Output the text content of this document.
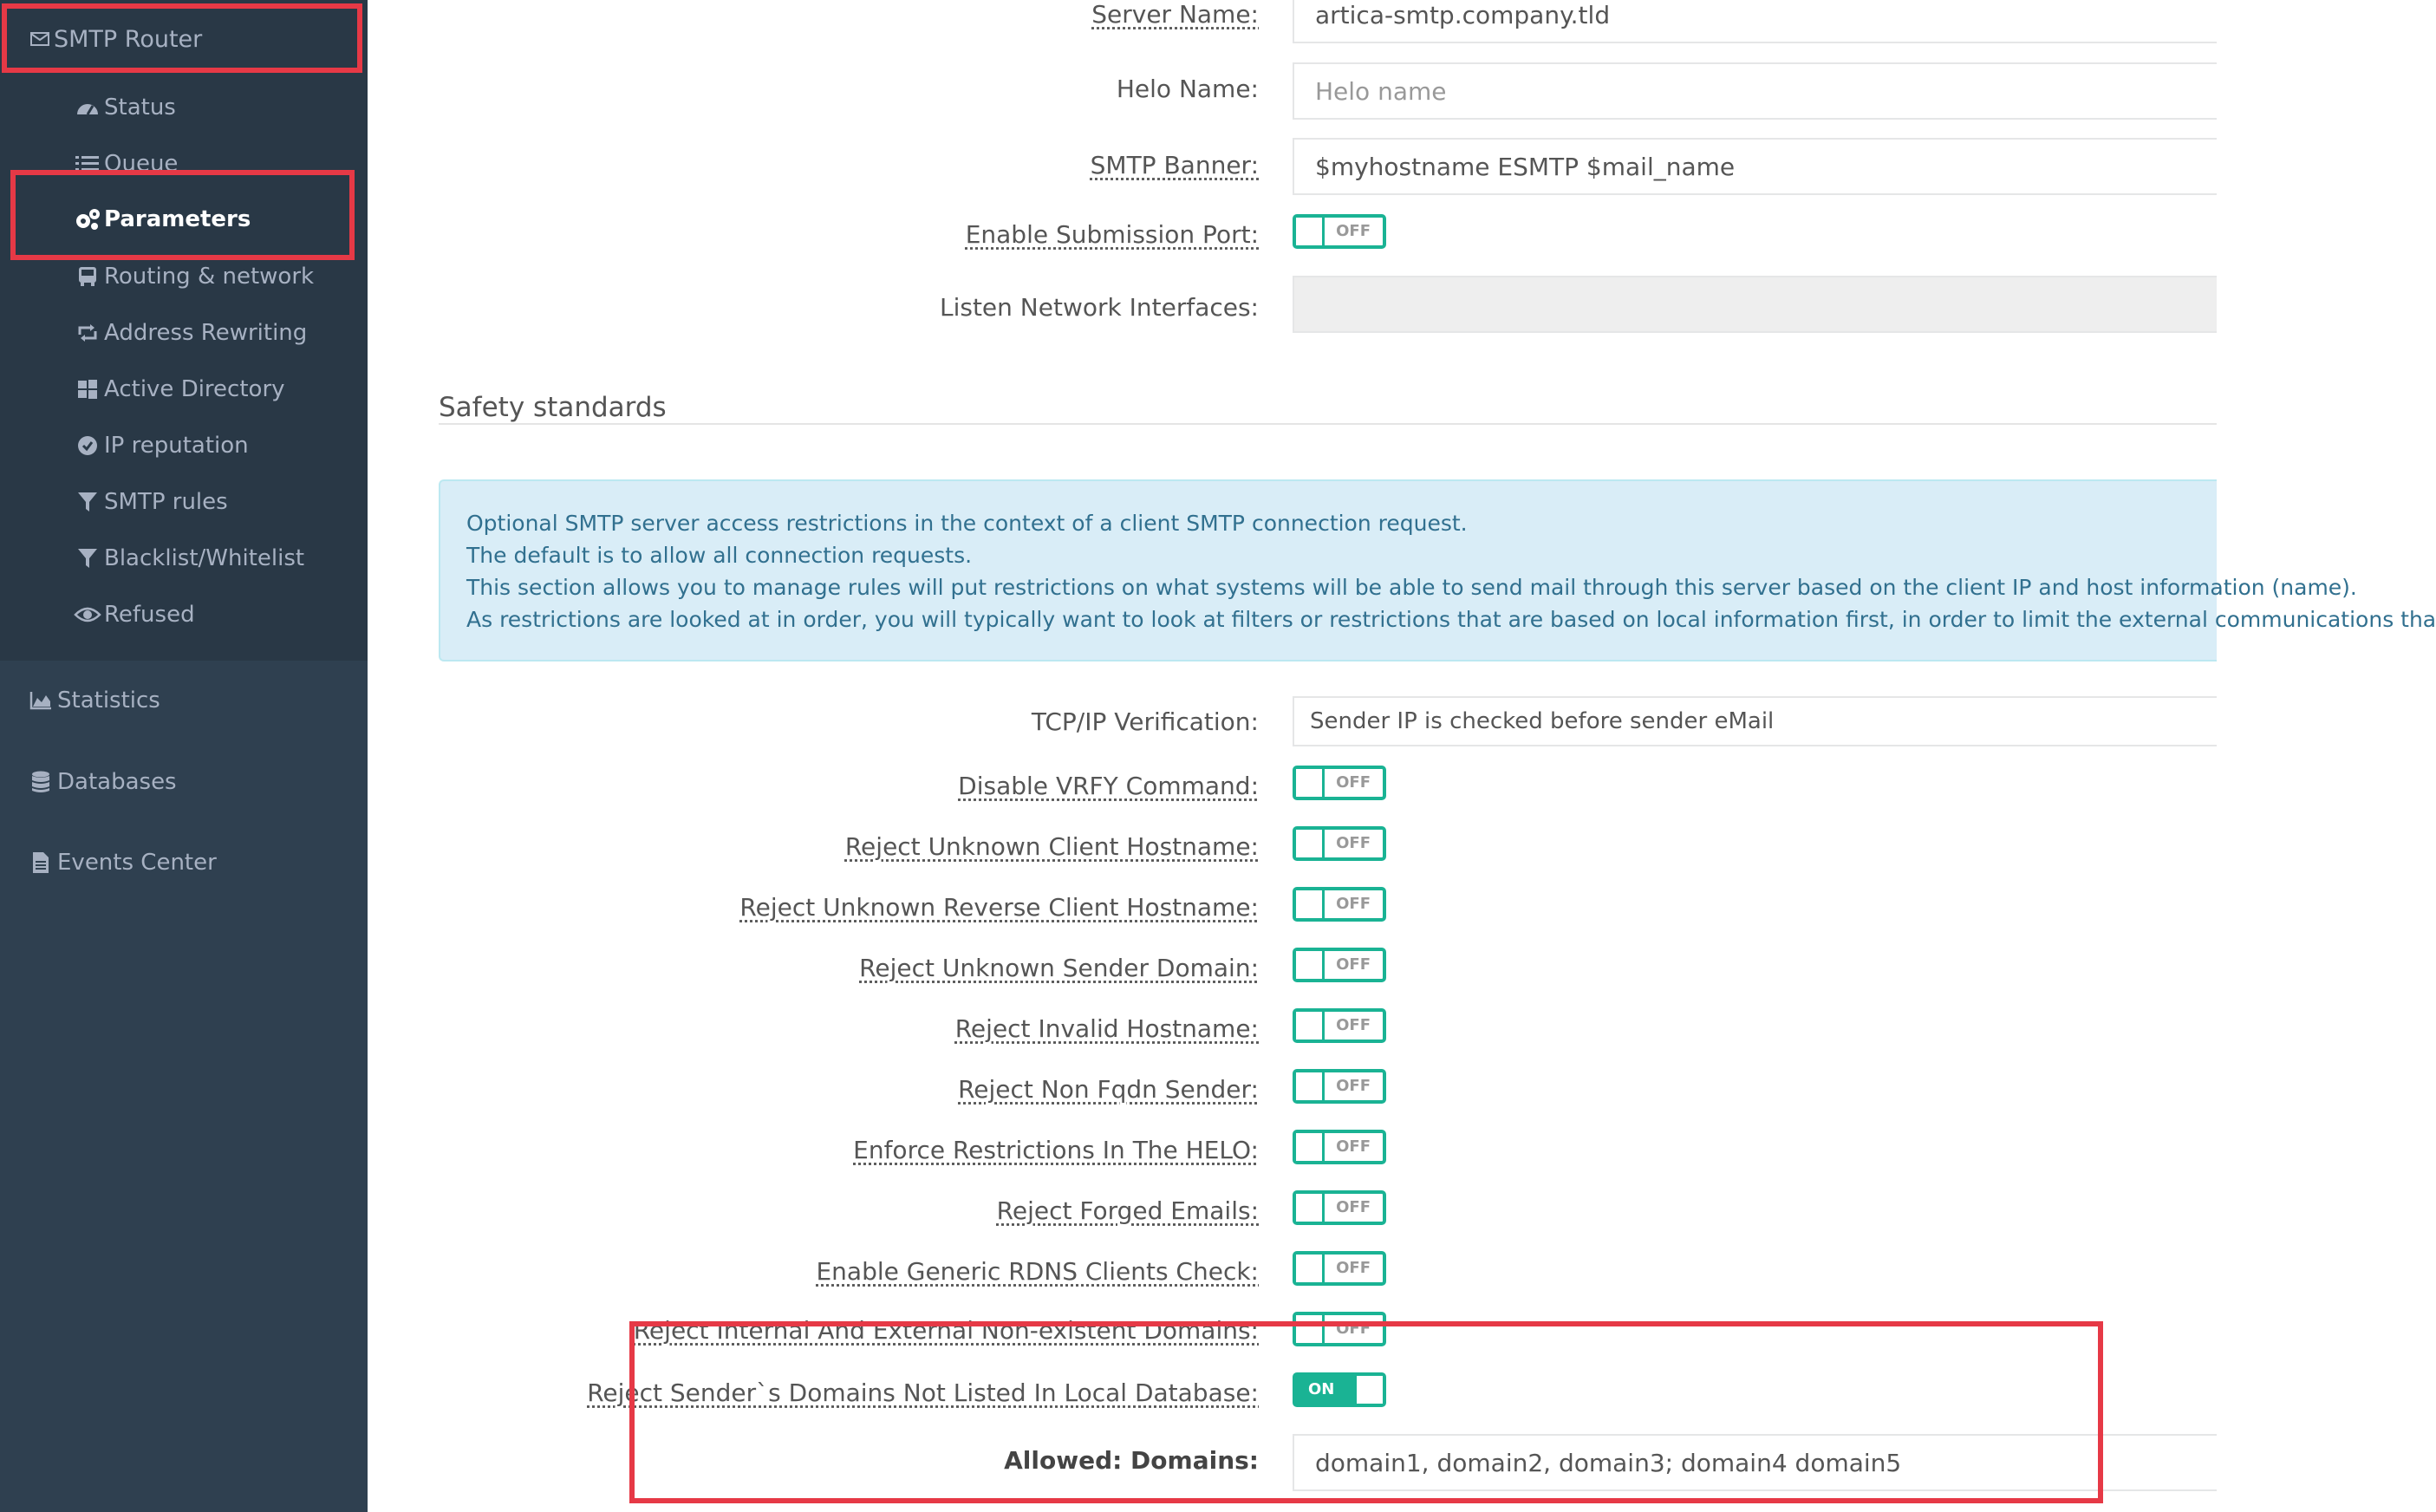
SMTP Router
Status
Queue
Parameters
Routing & network
Address Rewriting
Active Directory
IP reputation
SMTP rules
Blacklist/Whitelist
Refused
Statistics
Databases
Events Center
Server Name:	artica-smtp.company.tld
Helo Name:	Helo name
SMTP Banner:	$myhostname ESMTP $mail_name
Enable Submission Port:	OFF
Listen Network Interfaces:
Safety standards
Optional SMTP server access restrictions in the context of a client SMTP connection request.
The default is to allow all connection requests.
This section allows you to manage rules will put restrictions on what systems will be able to send mail through this server based on the client IP and host information (name).
As restrictions are looked at in order, you will typically want to look at filters or restrictions that are based on local information first, in order to limit the external communications tha
TCP/IP Verification:	Sender IP is checked before sender eMail
Disable VRFY Command:	OFF
Reject Unknown Client Hostname:	OFF
Reject Unknown Reverse Client Hostname:	OFF
Reject Unknown Sender Domain:	OFF
Reject Invalid Hostname:	OFF
Reject Non Fqdn Sender:	OFF
Enforce Restrictions In The HELO:	OFF
Reject Forged Emails:	OFF
Enable Generic RDNS Clients Check:	OFF
Reject Internal And External Non-existent Domains:	OFF
Reject Sender`s Domains Not Listed In Local Database:	ON
Allowed: Domains:	domain1, domain2, domain3; domain4 domain5
